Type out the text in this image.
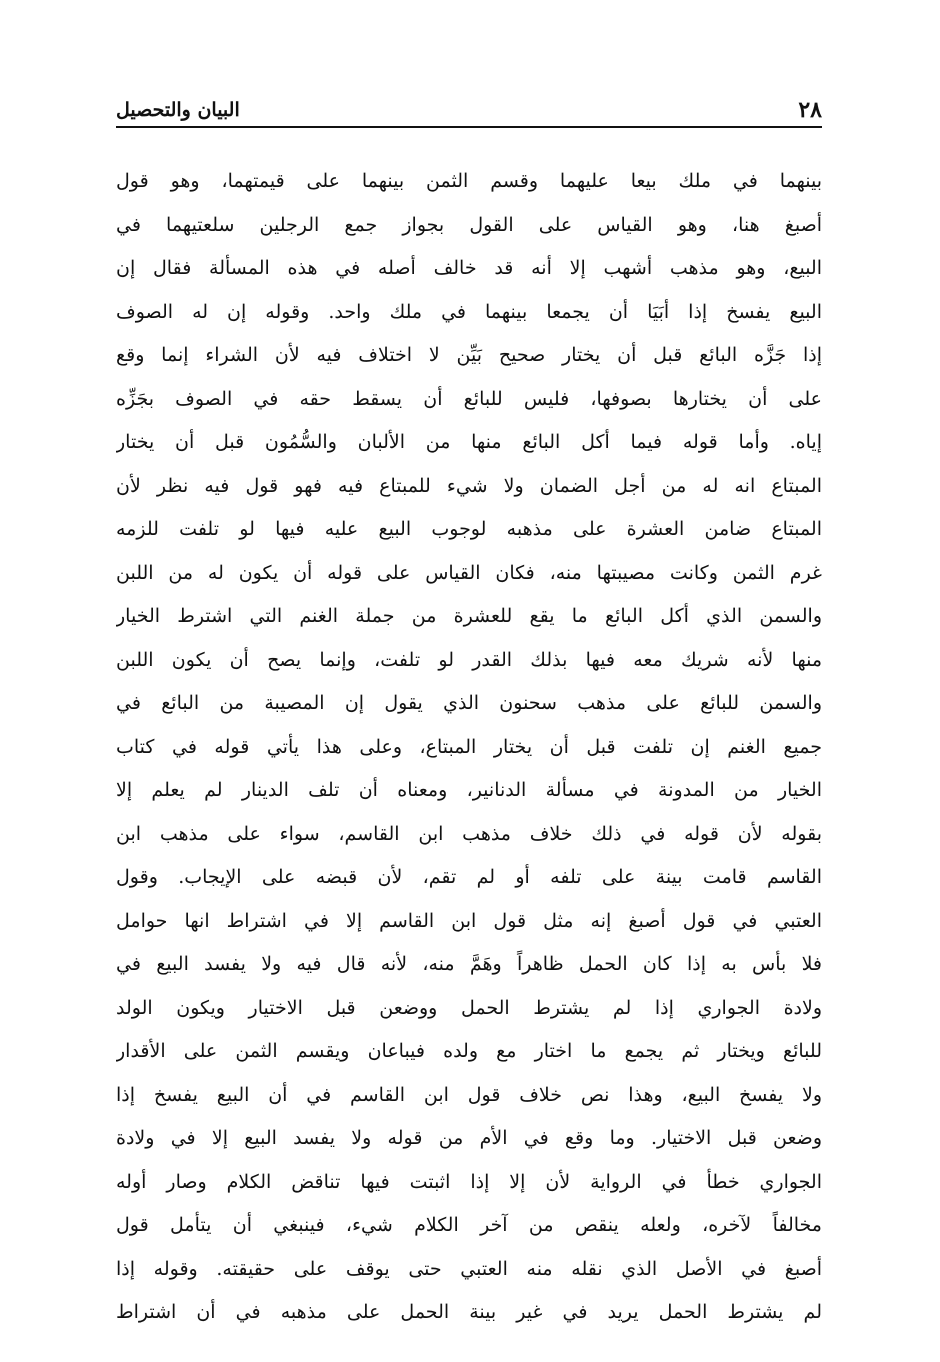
٢٨
البيان والتحصيل
بينهما في ملك بيعا عليهما وقسم الثمن بينهما على قيمتهما، وهو قول
أصبغ هنا، وهو القياس على القول بجواز جمع الرجلين سلعتيهما في
البيع، وهو مذهب أشهب إلا أنه قد خالف أصله في هذه المسألة فقال إن
البيع يفسخ إذا أبَيَا أن يجمعا بينهما في ملك واحد. وقوله إن له الصوف
إذا جَزَّه البائع قبل أن يختار صحيح بَيِّن لا اختلاف فيه لأن الشراء إنما وقع
على أن يختارها بصوفها، فليس للبائع أن يسقط حقه في الصوف بجَزِّه
إياه. وأما قوله فيما أكل البائع منها من الألبان والسُّمُون قبل أن يختار
المبتاع انه له من أجل الضمان ولا شيء للمبتاع فيه فهو قول فيه نظر لأن
المبتاع ضامن العشرة على مذهبه لوجوب البيع عليه فيها لو تلفت للزمه
غرم الثمن وكانت مصيبتها منه، فكان القياس على قوله أن يكون له من اللبن
والسمن الذي أكل البائع ما يقع للعشرة من جملة الغنم التي اشترط الخيار
منها لأنه شريك معه فيها بذلك القدر لو تلفت، وإنما يصح أن يكون اللبن
والسمن للبائع على مذهب سحنون الذي يقول إن المصيبة من البائع في
جميع الغنم إن تلفت قبل أن يختار المبتاع، وعلى هذا يأتي قوله في كتاب
الخيار من المدونة في مسألة الدنانير، ومعناه أن تلف الدينار لم يعلم إلا
بقوله لأن قوله في ذلك خلاف مذهب ابن القاسم، سواء على مذهب ابن
القاسم قامت بينة على تلفه أو لم تقم، لأن قبضه على الإيجاب. وقول
العتبي في قول أصبغ إنه مثل قول ابن القاسم إلا في اشتراط انها حوامل
فلا بأس به إذا كان الحمل ظاهراً وهَمَّ منه، لأنه قال فيه ولا يفسد البيع في
ولادة الجواري إذا لم يشترط الحمل ووضعن قبل الاختيار ويكون الولد
للبائع ويختار ثم يجمع ما اختار مع ولده فيباعان ويقسم الثمن على الأقدار
ولا يفسخ البيع، وهذا نص خلاف قول ابن القاسم في أن البيع يفسخ إذا
وضعن قبل الاختيار. وما وقع في الأم من قوله ولا يفسد البيع إلا في ولادة
الجواري خطأ في الرواية لأن إلا إذا اثبتت فيها تناقض الكلام وصار أوله
مخالفاً لآخره، ولعله ينقص من آخر الكلام شيء، فينبغي أن يتأمل قول
أصبغ في الأصل الذي نقله منه العتبي حتى يوقف على حقيقته. وقوله إذا
لم يشترط الحمل يريد في غير بينة الحمل على مذهبه في أن اشتراط
